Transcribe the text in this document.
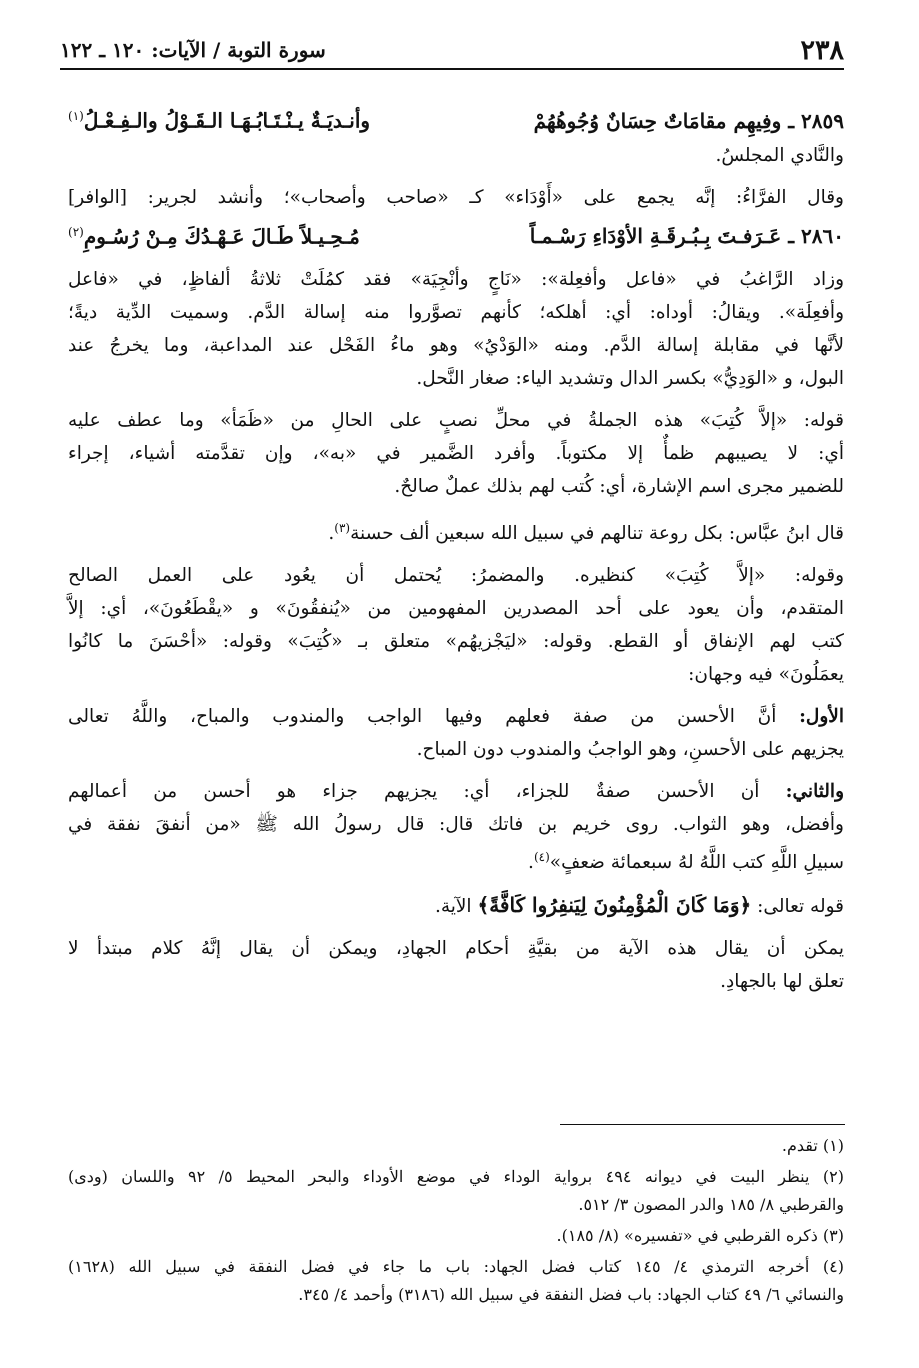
٢٣٨
سورة التوبة / الآيات: ١٢٠ ـ ١٢٢
٢٨٥٩ ـ وفِيهِم مقامَاتٌ حِسَانٌ وُجُوهُهُمْ
وأنـديَـةٌ يـنْـتَـابُـهَـا الـقَـوْلُ والـفِـعْـلُ$^{(١)}$
والنَّادي المجلسُ.
وقال الفرَّاءُ: إنَّه يجمع على «أَوْدَاء» كـ «صاحب وأصحاب»؛ وأنشد لجرير: [الوافر]
٢٨٦٠ ـ عَـرَفـتَ بِـبُـرقَـةِ الأوْدَاءِ رَسْـمـاً
مُـحِـيـلاً طَـالَ عَـهْـدُكَ مِـنْ رُسُـومِ$^{(٢)}$
وزاد الرَّاغبُ في «فاعل وأفعِلة»: «نَاجٍ وأنْجِيَة» فقد كمُلَتْ ثلاثةُ ألفاظٍ، في «فاعل
وأفعِلَة». ويقالُ: أوداه: أي: أهلكه؛ كأنهم تصوَّروا منه إسالة الدَّم. وسميت الدِّية ديةً؛
لأنَّها في مقابلة إسالة الدَّم. ومنه «الوَدْيُ» وهو ماءُ الفَحْل عند المداعبة، وما يخرجُ عند
البول، و «الوَدِيُّ» بكسر الدال وتشديد الياء: صغار النَّحل.
قوله: «إلاَّ كُتِبَ» هذه الجملةُ في محلِّ نصبٍ على الحالِ من «ظَمَأ» وما عطف عليه
أي: لا يصيبهم ظمأٌ إلا مكتوباً. وأفرد الضَّمير في «به»، وإن تقدَّمته أشياء، إجراء
للضمير مجرى اسم الإشارة، أي: كُتب لهم بذلك عملٌ صالحٌ.
قال ابنُ عبَّاس: بكل روعة تنالهم في سبيل الله سبعين ألف حسنة$^{(٣)}$.
وقوله: «إلاَّ كُتِبَ» كنظيره. والمضمرُ: يُحتمل أن يعُود على العمل الصالح
المتقدم، وأن يعود على أحد المصدرين المفهومين من «يُنفقُونَ» و «يقْطَعُونَ»، أي: إلاَّ
كتب لهم الإنفاق أو القطع. وقوله: «ليَجْزيهُم» متعلق بـ «كُتِبَ» وقوله: «أحْسَنَ ما كانُوا
يعمَلُونَ» فيه وجهان:
الأول: أنَّ الأحسن من صفة فعلهم وفيها الواجب والمندوب والمباح، واللَّهُ تعالى
يجزيهم على الأحسنِ، وهو الواجبُ والمندوب دون المباح.
والثاني: أن الأحسن صفةٌ للجزاء، أي: يجزيهم جزاء هو أحسن من أعمالهم
وأفضل، وهو الثواب. روى خريم بن فاتك قال: قال رسولُ الله ﷺ «من أنفقَ نفقة في
سبيلِ اللَّهِ كتب اللَّهُ لهُ سبعمائة ضعفٍ»$^{(٤)}$.
قوله تعالى: ﴿وَمَا كَانَ الْمُؤْمِنُونَ لِيَنفِرُوا كَافَّةً﴾ الآية.
يمكن أن يقال هذه الآية من بقيَّةِ أحكام الجهادِ، ويمكن أن يقال إنَّهُ كلام مبتدأ لا
تعلق لها بالجهادِ.
(١) تقدم.
(٢) ينظر البيت في ديوانه ٤٩٤ برواية الوداء في موضع الأوداء والبحر المحيط ٥/ ٩٢ واللسان (ودى)
والقرطبي ٨/ ١٨٥ والدر المصون ٣/ ٥١٢.
(٣) ذكره القرطبي في «تفسيره» (٨/ ١٨٥).
(٤) أخرجه الترمذي ٤/ ١٤٥ كتاب فضل الجهاد: باب ما جاء في فضل النفقة في سبيل الله (١٦٢٨)
والنسائي ٦/ ٤٩ كتاب الجهاد: باب فضل النفقة في سبيل الله (٣١٨٦) وأحمد ٤/ ٣٤٥.
